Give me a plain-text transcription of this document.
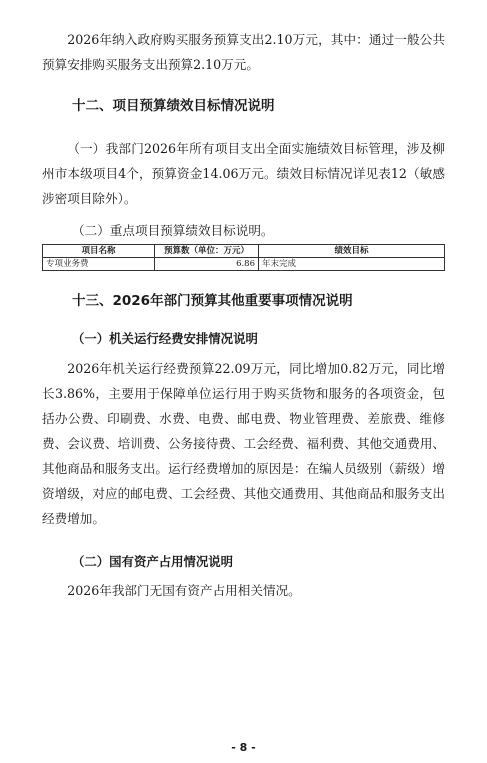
2026年纳入政府购买服务预算支出2.10万元，其中：通过一般公共预算安排购买服务支出预算2.10万元。

十二、项目预算绩效目标情况说明

（一）我部门2026年所有项目支出全面实施绩效目标管理，涉及柳州市本级项目4个，预算资金14.06万元。绩效目标情况详见表12（敏感涉密项目除外）。

（二）重点项目预算绩效目标说明。

项目名称	预算数（单位：万元）	绩效目标
专项业务费	6.86	年末完成
十三、2026年部门预算其他重要事项情况说明
（一）机关运行经费安排情况说明

2026年机关运行经费预算22.09万元，同比增加0.82万元，同比增长3.86%，主要用于保障单位运行用于购买货物和服务的各项资金，包括办公费、印刷费、水费、电费、邮电费、物业管理费、差旅费、维修费、会议费、培训费、公务接待费、工会经费、福利费、其他交通费用、其他商品和服务支出。运行经费增加的原因是：在编人员级别（薪级）增资增级，对应的邮电费、工会经费、其他交通费用、其他商品和服务支出经费增加。

（二）国有资产占用情况说明

2026年我部门无国有资产占用相关情况。

- 8 -
